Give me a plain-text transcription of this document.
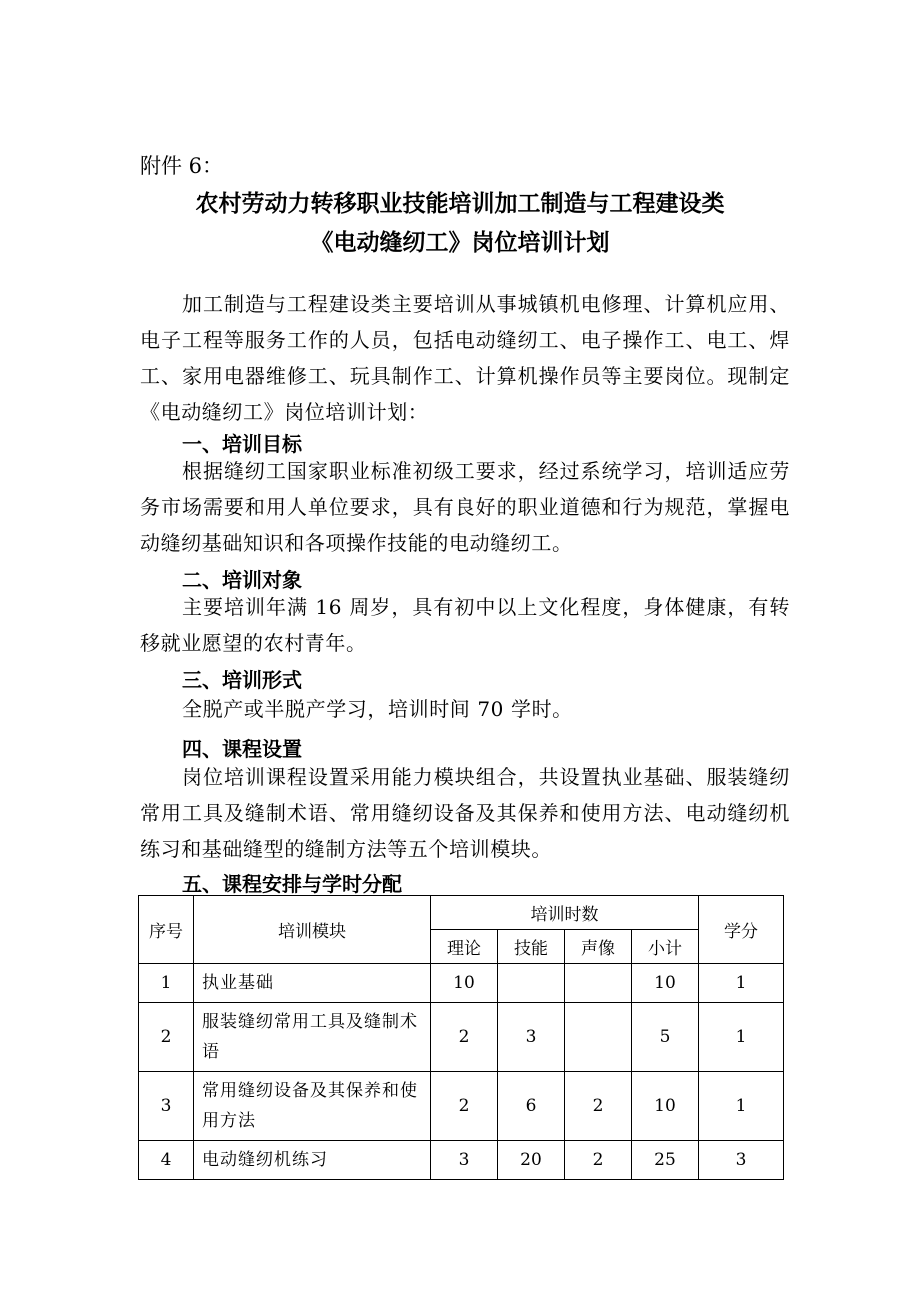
附件 6：
农村劳动力转移职业技能培训加工制造与工程建设类
《电动缝纫工》岗位培训计划
加工制造与工程建设类主要培训从事城镇机电修理、计算机应用、电子工程等服务工作的人员，包括电动缝纫工、电子操作工、电工、焊工、家用电器维修工、玩具制作工、计算机操作员等主要岗位。现制定《电动缝纫工》岗位培训计划：
一、培训目标
根据缝纫工国家职业标准初级工要求，经过系统学习，培训适应劳务市场需要和用人单位要求，具有良好的职业道德和行为规范，掌握电动缝纫基础知识和各项操作技能的电动缝纫工。
二、培训对象
主要培训年满 16 周岁，具有初中以上文化程度，身体健康，有转移就业愿望的农村青年。
三、培训形式
全脱产或半脱产学习，培训时间 70 学时。
四、课程设置
岗位培训课程设置采用能力模块组合，共设置执业基础、服装缝纫常用工具及缝制术语、常用缝纫设备及其保养和使用方法、电动缝纫机练习和基础缝型的缝制方法等五个培训模块。
五、课程安排与学时分配
序号	培训模块	培训时数				学分
		理论	技能	声像	小计	
1	执业基础	10			10	1
2	服装缝纫常用工具及缝制术语	2	3		5	1
3	常用缝纫设备及其保养和使用方法	2	6	2	10	1
4	电动缝纫机练习	3	20	2	25	3
